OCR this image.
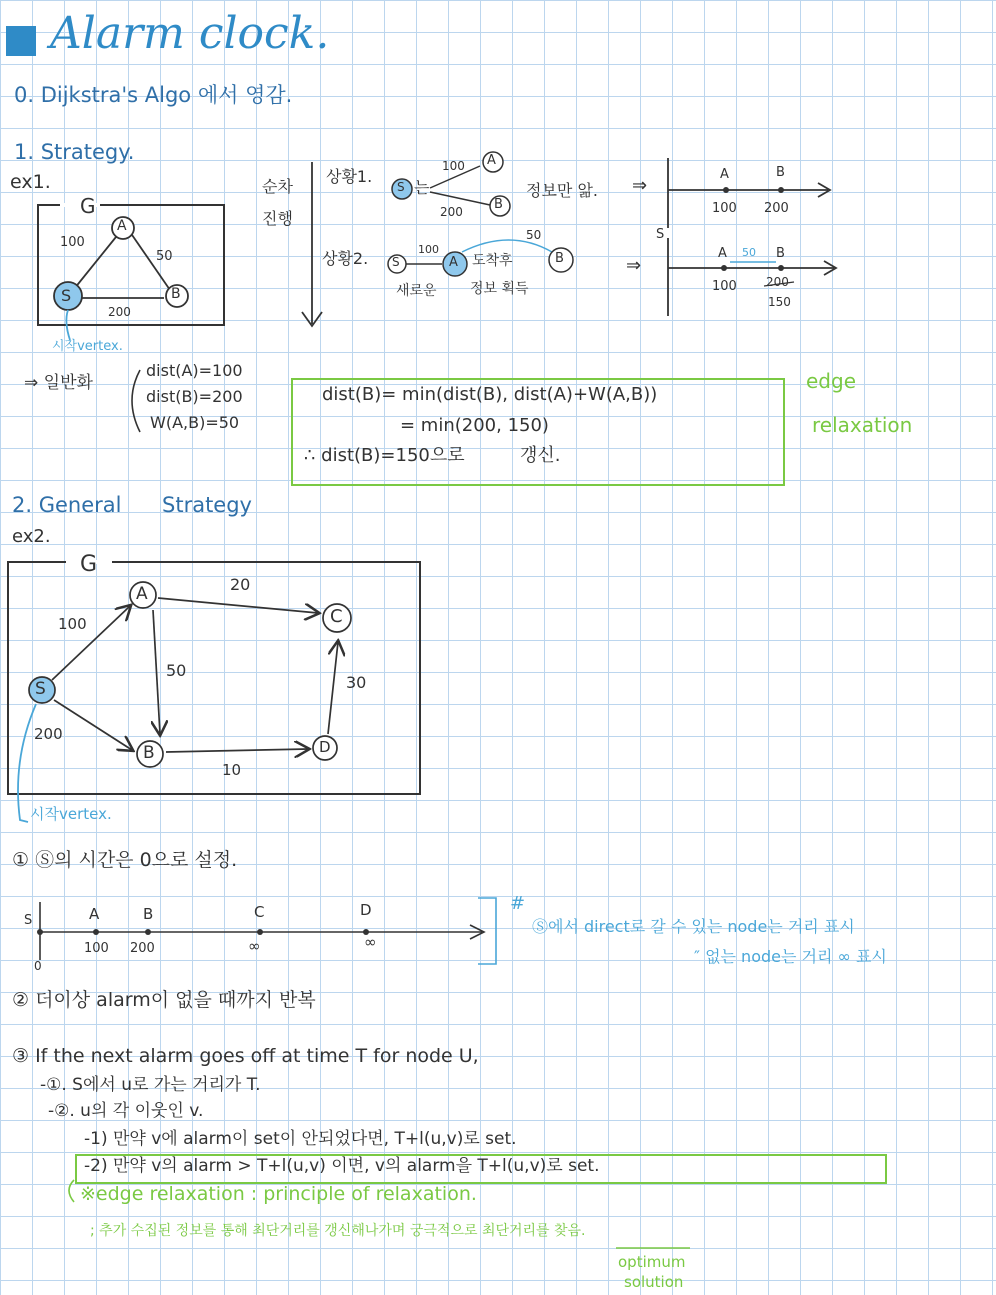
Alarm clock.
0. Dijkstra's Algo 에서 영감.
1. Strategy.
ex1.
G
A
S	B
100
50
200
시작vertex.
순차
진행
상황1.
S 는
A
B
100
200
정보만 앎.
상황2. S	A	B
100
50
도착후
새로운 정보 획득
⇒
A	B
100 200
S
⇒
A 50 B
100 200
150
⇒ 일반화
dist(A)=100
dist(B)=200
W(A,B)=50
dist(B)= min(dist(B), dist(A)+W(A,B))
= min(200, 150)
∴ dist(B)=150으로	갱신.
edge
relaxation
2. General Strategy
ex2.
G
A
S
B
C
D
100
200
20
50
10
30
시작vertex.
① Ⓢ의 시간은 0으로 설정.
S
0
A	B	C	D
100 200	∞	∞
#
Ⓢ에서 direct로 갈 수 있는 node는 거리 표시
″ 없는 node는 거리 ∞ 표시
② 더이상 alarm이 없을 때까지 반복
③ If the next alarm goes off at time T for node U,
-①. S에서 u로 가는 거리가 T.
-②. u의 각 이웃인 v.
-1) 만약 v에 alarm이 set이 안되었다면, T+l(u,v)로 set.
-2) 만약 v의 alarm > T+l(u,v) 이면, v의 alarm을 T+l(u,v)로 set.
※edge relaxation : principle of relaxation.
; 추가 수집된 정보를 통해 최단거리를 갱신해나가며 궁극적으로 최단거리를 찾음.
optimum
solution
